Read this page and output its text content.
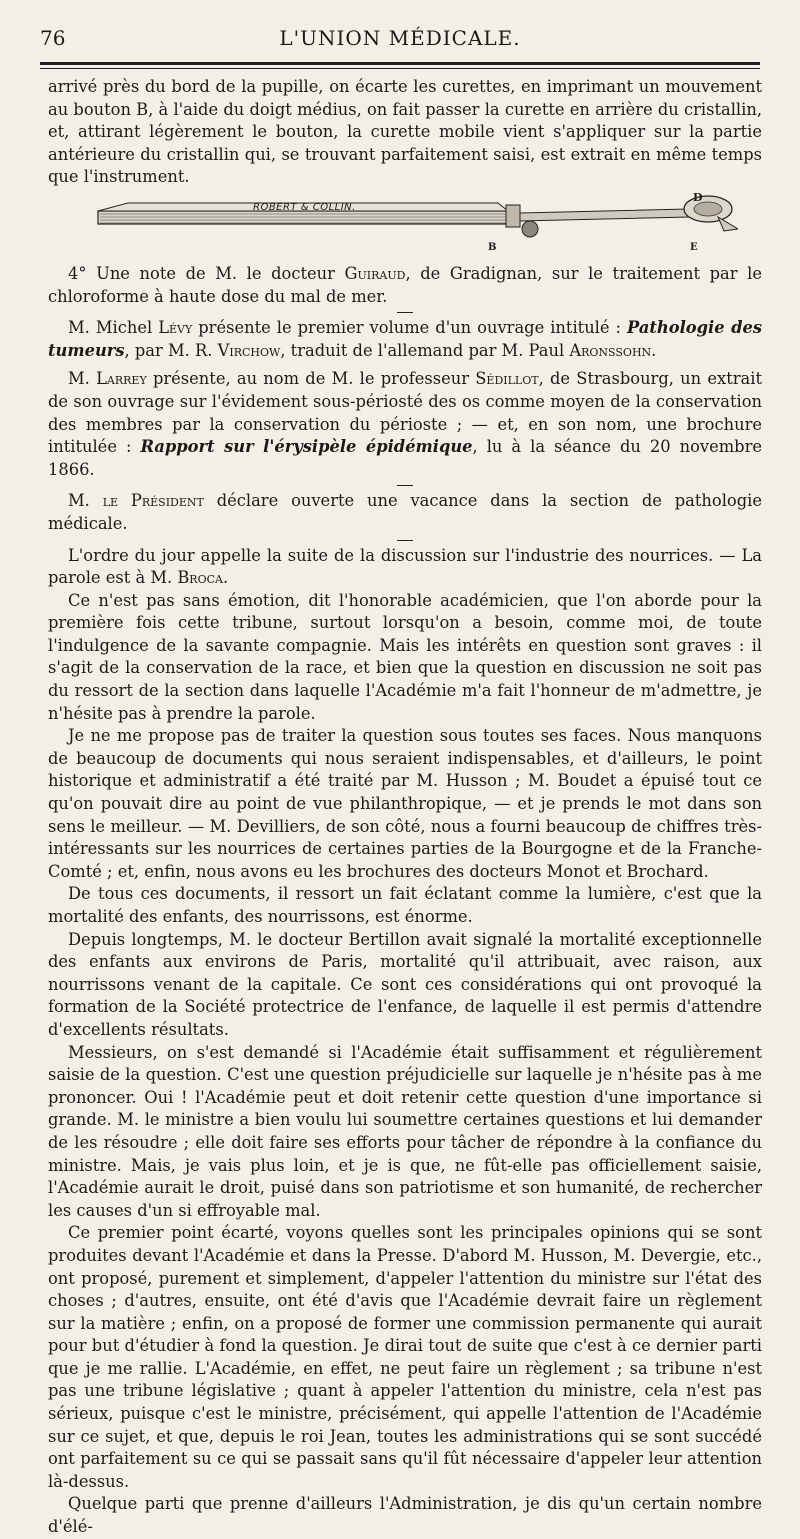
76	L'UNION MÉDICALE.

arrivé près du bord de la pupille, on écarte les curettes, en imprimant un mouvement au bouton B, à l'aide du doigt médius, on fait passer la curette en arrière du cristallin, et, attirant légèrement le bouton, la curette mobile vient s'appliquer sur la partie antérieure du cristallin qui, se trouvant parfaitement saisi, est extrait en même temps que l'instrument.

ROBERT & COLLIN.
D
B	E

4° Une note de M. le docteur Guiraud, de Gradignan, sur le traitement par le chloroforme à haute dose du mal de mer.

M. Michel Lévy présente le premier volume d'un ouvrage intitulé : Pathologie des tumeurs, par M. R. Virchow, traduit de l'allemand par M. Paul Aronssohn.

M. Larrey présente, au nom de M. le professeur Sédillot, de Strasbourg, un extrait de son ouvrage sur l'évidement sous-périosté des os comme moyen de la conservation des membres par la conservation du périoste ; — et, en son nom, une brochure intitulée : Rapport sur l'érysipèle épidémique, lu à la séance du 20 novembre 1866.

M. le Président déclare ouverte une vacance dans la section de pathologie médicale.

L'ordre du jour appelle la suite de la discussion sur l'industrie des nourrices. — La parole est à M. Broca.

Ce n'est pas sans émotion, dit l'honorable académicien, que l'on aborde pour la première fois cette tribune, surtout lorsqu'on a besoin, comme moi, de toute l'indulgence de la savante compagnie. Mais les intérêts en question sont graves : il s'agit de la conservation de la race, et bien que la question en discussion ne soit pas du ressort de la section dans laquelle l'Académie m'a fait l'honneur de m'admettre, je n'hésite pas à prendre la parole.

Je ne me propose pas de traiter la question sous toutes ses faces. Nous manquons de beaucoup de documents qui nous seraient indispensables, et d'ailleurs, le point historique et administratif a été traité par M. Husson ; M. Boudet a épuisé tout ce qu'on pouvait dire au point de vue philanthropique, — et je prends le mot dans son sens le meilleur. — M. Devilliers, de son côté, nous a fourni beaucoup de chiffres très-intéressants sur les nourrices de certaines parties de la Bourgogne et de la Franche-Comté ; et, enfin, nous avons eu les brochures des docteurs Monot et Brochard.

De tous ces documents, il ressort un fait éclatant comme la lumière, c'est que la mortalité des enfants, des nourrissons, est énorme.

Depuis longtemps, M. le docteur Bertillon avait signalé la mortalité exceptionnelle des enfants aux environs de Paris, mortalité qu'il attribuait, avec raison, aux nourrissons venant de la capitale. Ce sont ces considérations qui ont provoqué la formation de la Société protectrice de l'enfance, de laquelle il est permis d'attendre d'excellents résultats.

Messieurs, on s'est demandé si l'Académie était suffisamment et régulièrement saisie de la question. C'est une question préjudicielle sur laquelle je n'hésite pas à me prononcer. Oui ! l'Académie peut et doit retenir cette question d'une importance si grande. M. le ministre a bien voulu lui soumettre certaines questions et lui demander de les résoudre ; elle doit faire ses efforts pour tâcher de répondre à la confiance du ministre. Mais, je vais plus loin, et je is que, ne fût-elle pas officiellement saisie, l'Académie aurait le droit, puisé dans son patriotisme et son humanité, de rechercher les causes d'un si effroyable mal.

Ce premier point écarté, voyons quelles sont les principales opinions qui se sont produites devant l'Académie et dans la Presse. D'abord M. Husson, M. Devergie, etc., ont proposé, purement et simplement, d'appeler l'attention du ministre sur l'état des choses ; d'autres, ensuite, ont été d'avis que l'Académie devrait faire un règlement sur la matière ; enfin, on a proposé de former une commission permanente qui aurait pour but d'étudier à fond la question. Je dirai tout de suite que c'est à ce dernier parti que je me rallie. L'Académie, en effet, ne peut faire un règlement ; sa tribune n'est pas une tribune législative ; quant à appeler l'attention du ministre, cela n'est pas sérieux, puisque c'est le ministre, précisément, qui appelle l'attention de l'Académie sur ce sujet, et que, depuis le roi Jean, toutes les administrations qui se sont succédé ont parfaitement su ce qui se passait sans qu'il fût nécessaire d'appeler leur attention là-dessus.

Quelque parti que prenne d'ailleurs l'Administration, je dis qu'un certain nombre d'élé-
